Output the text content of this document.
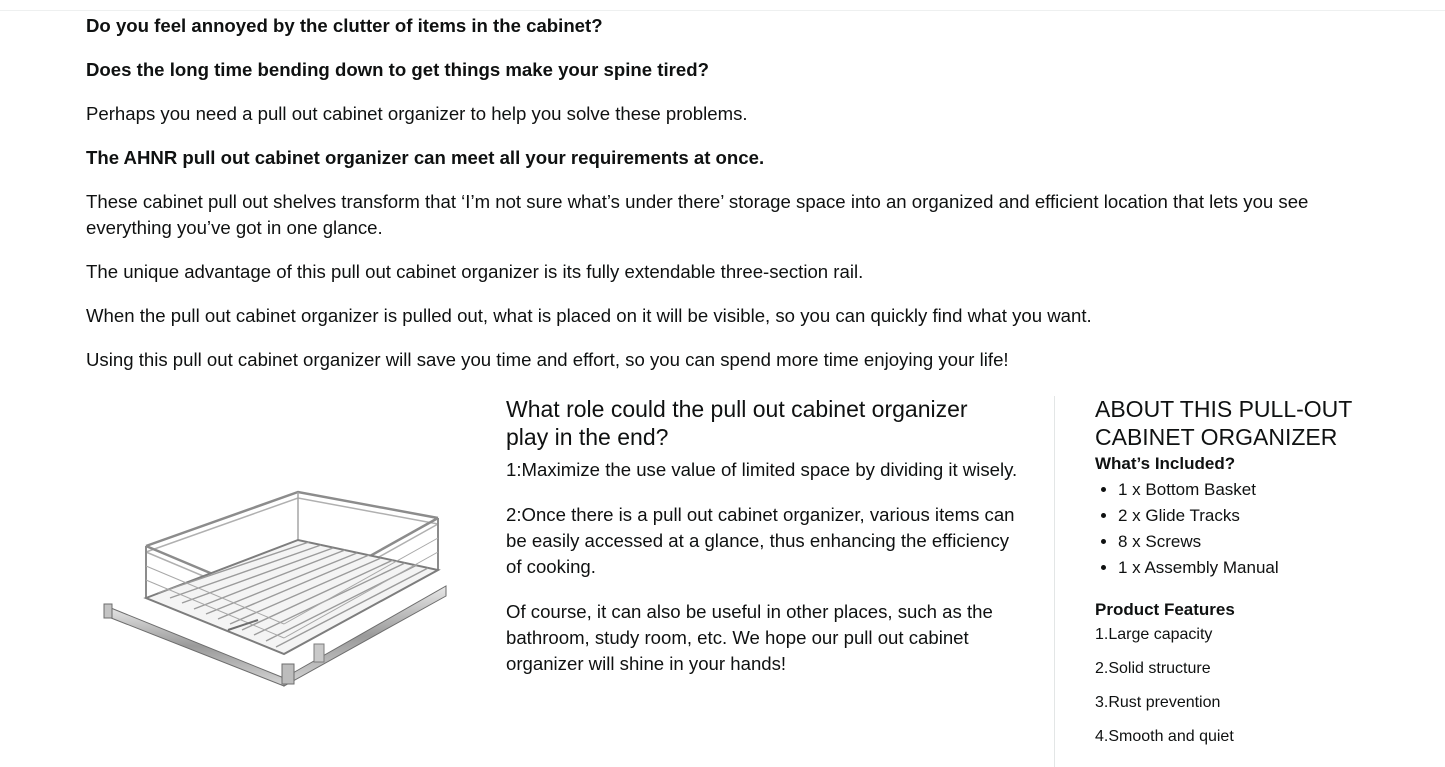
Do you feel annoyed by the clutter of items in the cabinet?

Does the long time bending down to get things make your spine tired?

Perhaps you need a pull out cabinet organizer to help you solve these problems.

The AHNR pull out cabinet organizer can meet all your requirements at once.

These cabinet pull out shelves transform that ‘I’m not sure what’s under there’ storage space into an organized and efficient location that lets you see everything you’ve got in one glance.

The unique advantage of this pull out cabinet organizer is its fully extendable three-section rail.

When the pull out cabinet organizer is pulled out, what is placed on it will be visible, so you can quickly find what you want.

Using this pull out cabinet organizer will save you time and effort, so you can spend more time enjoying your life!

What role could the pull out cabinet organizer play in the end?

1:Maximize the use value of limited space by dividing it wisely.

2:Once there is a pull out cabinet organizer, various items can be easily accessed at a glance, thus enhancing the efficiency of cooking.

Of course, it can also be useful in other places, such as the bathroom, study room, etc. We hope our pull out cabinet organizer will shine in your hands!

ABOUT THIS PULL-OUT CABINET ORGANIZER
What’s Included?
• 1 x Bottom Basket
• 2 x Glide Tracks
• 8 x Screws
• 1 x Assembly Manual
Product Features
1.Large capacity
2.Solid structure
3.Rust prevention
4.Smooth and quiet
